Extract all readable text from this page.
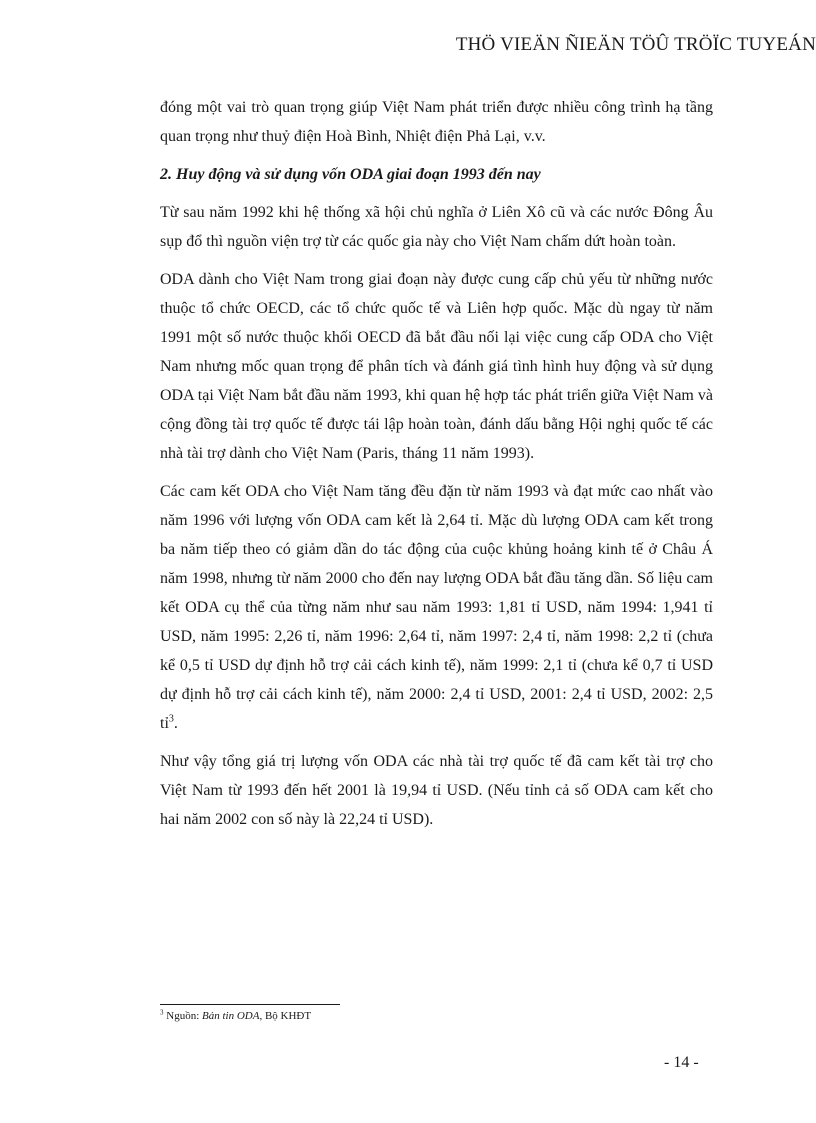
THÖ VIEÄN ÑIEÄN TÖÛ TRÖÏC TUYEÁN

đóng một vai trò quan trọng giúp Việt Nam phát triển được nhiều công trình hạ tầng quan trọng như thuỷ điện Hoà Bình, Nhiệt điện Phả Lại, v.v.

2. Huy động và sử dụng vốn ODA giai đoạn 1993 đến nay

Từ sau năm 1992 khi hệ thống xã hội chủ nghĩa ở Liên Xô cũ và các nước Đông Âu sụp đổ thì nguồn viện trợ từ các quốc gia này cho Việt Nam chấm dứt hoàn toàn.

ODA dành cho Việt Nam trong giai đoạn này được cung cấp chủ yếu từ những nước thuộc tổ chức OECD, các tổ chức quốc tế và Liên hợp quốc. Mặc dù ngay từ năm 1991 một số nước thuộc khối OECD đã bắt đầu nối lại việc cung cấp ODA cho Việt Nam nhưng mốc quan trọng để phân tích và đánh giá tình hình huy động và sử dụng ODA tại Việt Nam bắt đầu năm 1993, khi quan hệ hợp tác phát triển giữa Việt Nam và cộng đồng tài trợ quốc tế được tái lập hoàn toàn, đánh dấu bằng Hội nghị quốc tế các nhà tài trợ dành cho Việt Nam (Paris, tháng 11 năm 1993).

Các cam kết ODA cho Việt Nam tăng đều đặn từ năm 1993 và đạt mức cao nhất vào năm 1996 với lượng vốn ODA cam kết là 2,64 tỉ. Mặc dù lượng ODA cam kết trong ba năm tiếp theo có giảm dần do tác động của cuộc khủng hoảng kinh tế ở Châu Á năm 1998, nhưng từ năm 2000 cho đến nay lượng ODA bắt đầu tăng dần. Số liệu cam kết ODA cụ thể của từng năm như sau năm 1993: 1,81 tỉ USD, năm 1994: 1,941 tỉ USD, năm 1995: 2,26 tỉ, năm 1996: 2,64 tỉ, năm 1997: 2,4 tỉ, năm 1998: 2,2 tỉ (chưa kể 0,5 tỉ USD dự định hỗ trợ cải cách kinh tế), năm 1999: 2,1 tỉ (chưa kể 0,7 tỉ USD dự định hỗ trợ cải cách kinh tế), năm 2000: 2,4 tỉ USD, 2001: 2,4 tỉ USD, 2002: 2,5 tỉ$^3$.

Như vậy tổng giá trị lượng vốn ODA các nhà tài trợ quốc tế đã cam kết tài trợ cho Việt Nam từ 1993 đến hết 2001 là 19,94 tỉ USD. (Nếu tỉnh cả số ODA cam kết cho hai năm 2002 con số này là 22,24 tỉ USD).

$^3$ Nguồn: Bản tin ODA, Bộ KHĐT
- 14 -
